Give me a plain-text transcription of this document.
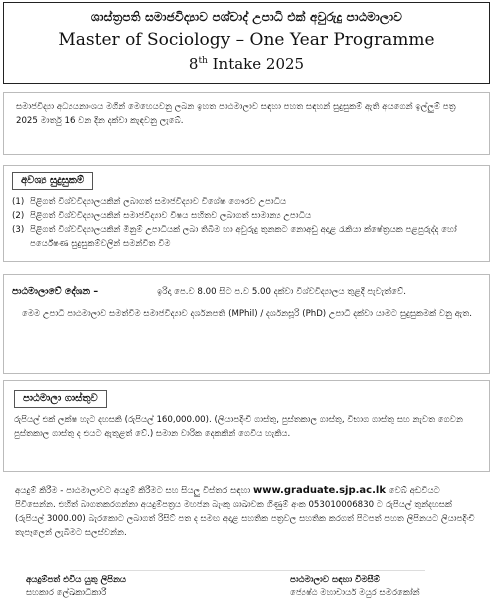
ශාස්ත්‍රපති සමාජවිද්‍යාව පශ්චාද් උපාධි එක් අවුරුදු පාඨමාලාව
Master of Sociology – One Year Programme
8th Intake 2025

සමාජවිද්‍යා අධ්‍යයනාංශය මගින් මෙහෙයවනු ලබන ඉහත පාඨමාලාව සඳහා පහත සඳහන් සුදුසුකම් ඇති අයගෙන් ඉල්ලුම් පත්‍ර 2025 මාර්තු 16 වන දින දක්වා කැඳවනු ලැබේ.

අවශ්‍ය සුදුසුකම්
(1) පිළිගත් විශ්වවිද්‍යාලයකින් ලබාගත් සමාජවිද්‍යාව විශේෂ ගෞරව උපාධිය
(2) පිළිගත් විශ්වවිද්‍යාලයකින් සමාජවිද්‍යාව විෂය සහිතව ලබාගත් සාමාන්‍ය උපාධිය
(3) පිළිගත් විශ්වවිද්‍යාලයකින් මිනුම් උපාධියක් ලබා තිබීම හා අවුරුදු තුනකට නොඅඩු අදාළ රැකියා ක්ෂේත්‍රයක පළපුරුද්ද හෝ පර්යේෂණ සුදුසුකම්වලින් සමන්විත වීම
පාඨමාලාවේ දේශන –	ඉරිදා පෙ.ව 8.00 සිට ප.ව 5.00 දක්වා විශ්වවිද්‍යාලය තුළදී පැවැත්වේ.
මෙම උපාධි පාඨමාලාව සමත්වීම සමාජවිද්‍යාව දර්ශනපති (MPhil) / දර්ශනසූරි (PhD) උපාධි දක්වා යාමට සුදුසුකමක් වනු ඇත.
පාඨමාලා ගාස්තුව

රුපියල් එක් ලක්ෂ හැට දහසකි (රුපියල් 160,000.00). (ලියාපදිංචි ගාස්තු, පුස්තකාල ගාස්තු, විභාග ගාස්තු සහ නැවත ගෙවන පුස්තකාල ගාස්තු ද එයට ඇතුළත් වේ.) සමාන වාරික දෙකකින් ගෙවිය හැකිය.

අයදුම් කිරීම - පාඨමාලාවට අයදුම් කිරීමට සහ සියලු විස්තර සඳහා www.graduate.sjp.ac.lk වෙබ් අඩවියට පිවිසෙන්න. එහිත් බාගතකරගන්නා අයදුම්පත්‍රය මහජන බැංකු ශාඛාවක ගිණුම් අංක 053010006830 ට රුපියල් තුන්දහසක් (රුපියල් 3000.00) බැරකොට ලබාගත් රිසිට් පත ද සමඟ අදාළ සහතික පත්‍රවල සහතික කරගත් පිටපත් පහත ලිපිනයට ලියාපදිංචි තැපෑලෙන් ලැබීමට සලස්වන්න.

අයදුම්පත් එවිය යුතු ලිපිනය
සහකාර ලේඛකාධිකාරී
පාඨමාලාව සඳහා විමසීම්
ජ්‍යෙෂ්ඨ මහාචාර්ය මයුර සමරකෝන්
